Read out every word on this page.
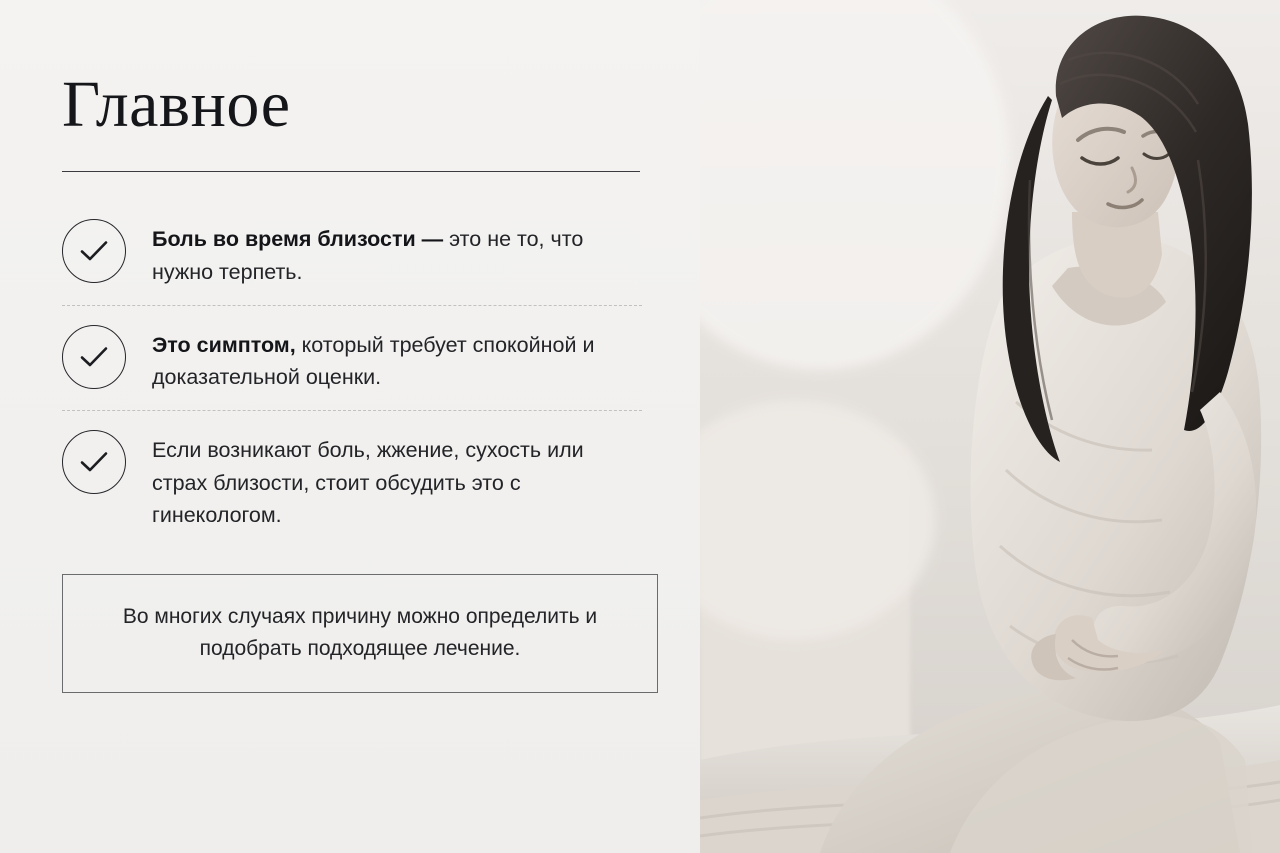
Главное
Боль во время близости — это не то, что нужно терпеть.
Это симптом, который требует спокойной и доказательной оценки.
Если возникают боль, жжение, сухость или страх близости, стоит обсудить это с гинекологом.
Во многих случаях причину можно определить и подобрать подходящее лечение.
